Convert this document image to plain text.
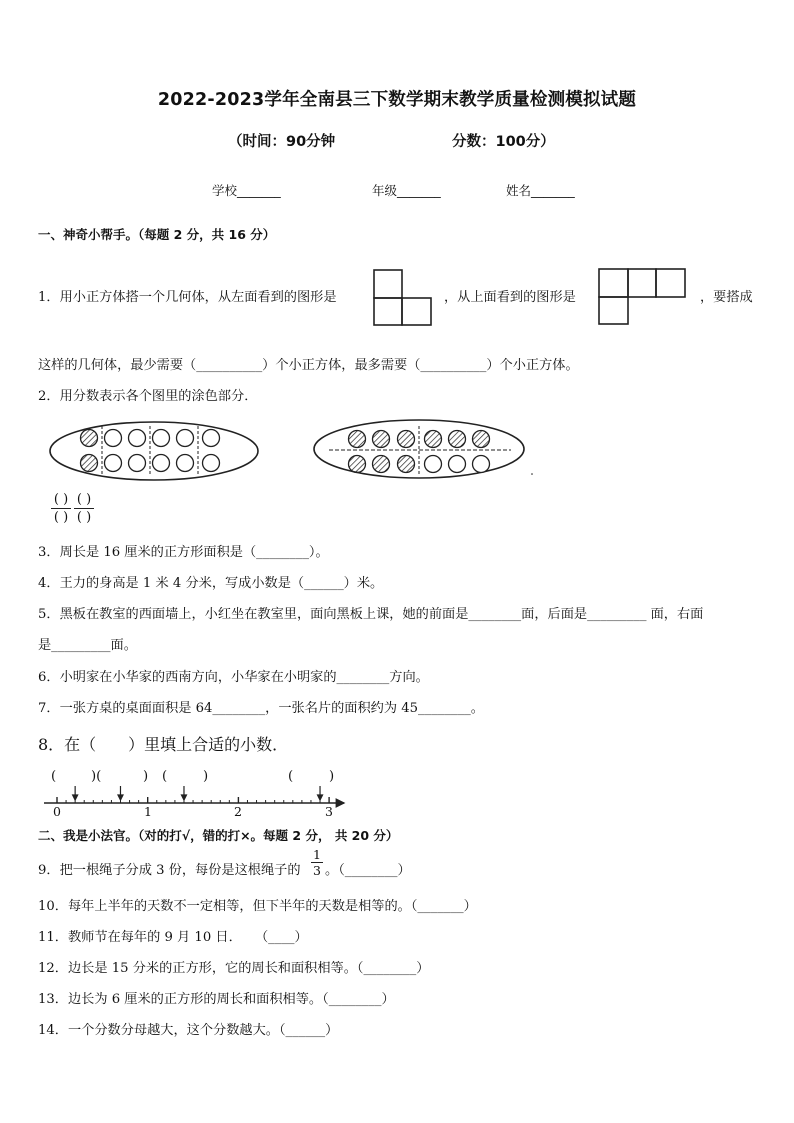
2022-2023学年全南县三下数学期末教学质量检测模拟试题
（时间：90分钟	分数：100分）
学校_______	年级_______	姓名_______
一、神奇小帮手。（每题 2 分，共 16 分）
1．用小正方体搭一个几何体，从左面看到的图形是	，从上面看到的图形是	，要搭成
这样的几何体，最少需要（__________）个小正方体，最多需要（__________）个小正方体。
2．用分数表示各个图里的涂色部分．
( )
( )
( )
( )
3．周长是 16 厘米的正方形面积是（________）。
4．王力的身高是 1 米 4 分米，写成小数是（______）米。
5．黑板在教室的西面墙上，小红坐在教室里，面向黑板上课，她的前面是________面，后面是_________ 面，右面
是_________面。
6．小明家在小华家的西南方向，小华家在小明家的________方向。
7．一张方桌的桌面面积是 64________，一张名片的面积约为 45________。
8．在（　　）里填上合适的小数．
(	)(	) (	)	(	)
0	1	2	3
二、我是小法官。（对的打√，错的打×。每题 2 分， 共 20 分）
9．把一根绳子分成 3 份，每份是这根绳子的
1
3 。（________）
10．每年上半年的天数不一定相等，但下半年的天数是相等的。（_______）
11．教师节在每年的 9 月 10 日．　　（____）
12．边长是 15 分米的正方形，它的周长和面积相等。（________）
13．边长为 6 厘米的正方形的周长和面积相等。（________）
14．一个分数分母越大，这个分数越大。（______）
